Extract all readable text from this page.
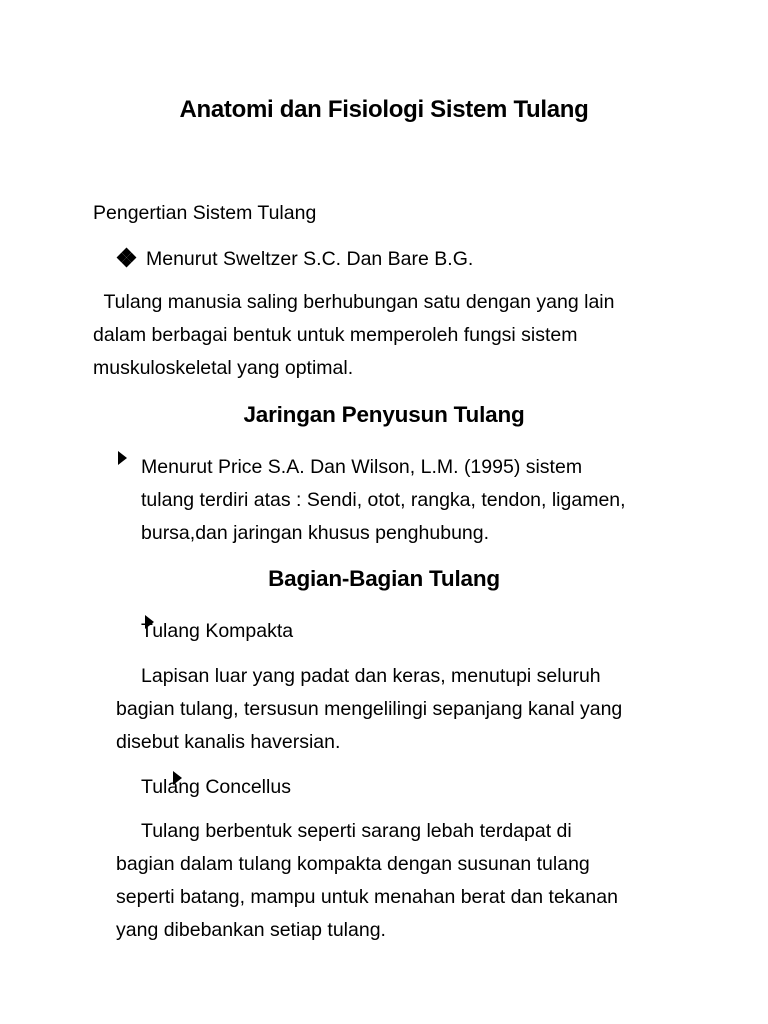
Anatomi dan Fisiologi Sistem Tulang
Pengertian Sistem Tulang
Menurut Sweltzer S.C. Dan Bare B.G.
Tulang manusia saling berhubungan satu dengan yang lain
dalam berbagai bentuk untuk memperoleh fungsi sistem
muskuloskeletal yang optimal.
Jaringan Penyusun Tulang

Menurut Price S.A. Dan Wilson, L.M. (1995) sistem
tulang terdiri atas : Sendi, otot, rangka, tendon, ligamen,
bursa,dan jaringan khusus penghubung.
Bagian-Bagian Tulang

Tulang Kompakta
Lapisan luar yang padat dan keras, menutupi seluruh
bagian tulang, tersusun mengelilingi sepanjang kanal yang
disebut kanalis haversian.
Tulang Concellus
Tulang berbentuk seperti sarang lebah terdapat di
bagian dalam tulang kompakta dengan susunan tulang
seperti batang, mampu untuk menahan berat dan tekanan
yang dibebankan setiap tulang.
